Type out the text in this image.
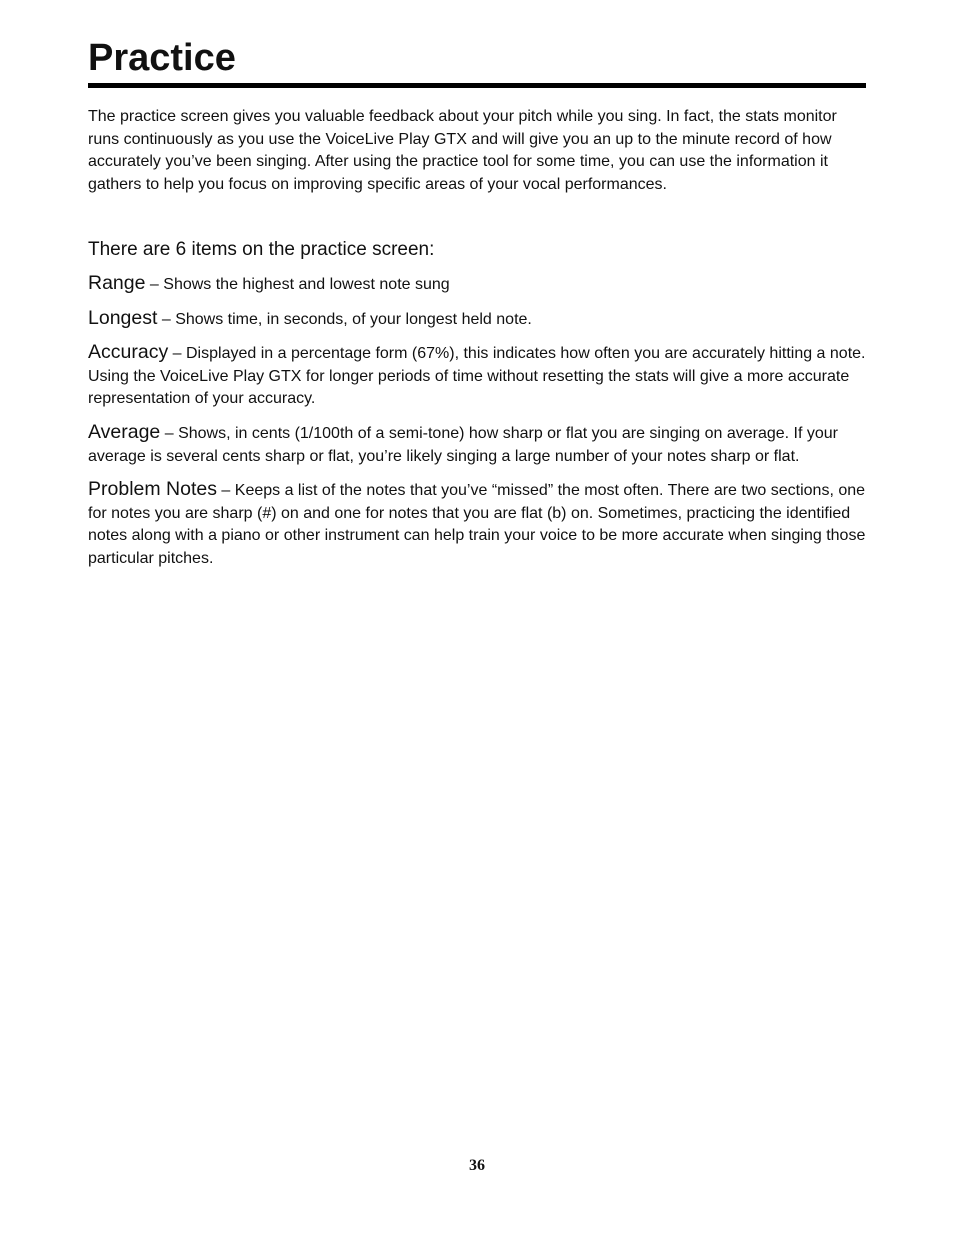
Practice

The practice screen gives you valuable feedback about your pitch while you sing. In fact, the stats monitor runs continuously as you use the VoiceLive Play GTX and will give you an up to the minute record of how accurately you’ve been singing. After using the practice tool for some time, you can use the information it gathers to help you focus on improving specific areas of your vocal performances.

There are 6 items on the practice screen:

Range – Shows the highest and lowest note sung

Longest – Shows time, in seconds, of your longest held note.

Accuracy – Displayed in a percentage form (67%), this indicates how often you are accurately hitting a note. Using the VoiceLive Play GTX for longer periods of time without resetting the stats will give a more accurate representation of your accuracy.

Average – Shows, in cents (1/100th of a semi-tone) how sharp or flat you are singing on average. If your average is several cents sharp or flat, you’re likely singing a large number of your notes sharp or flat.

Problem Notes – Keeps a list of the notes that you’ve “missed” the most often. There are two sections, one for notes you are sharp (#) on and one for notes that you are flat (b) on. Sometimes, practicing the identified notes along with a piano or other instrument can help train your voice to be more accurate when singing those particular pitches.

36
